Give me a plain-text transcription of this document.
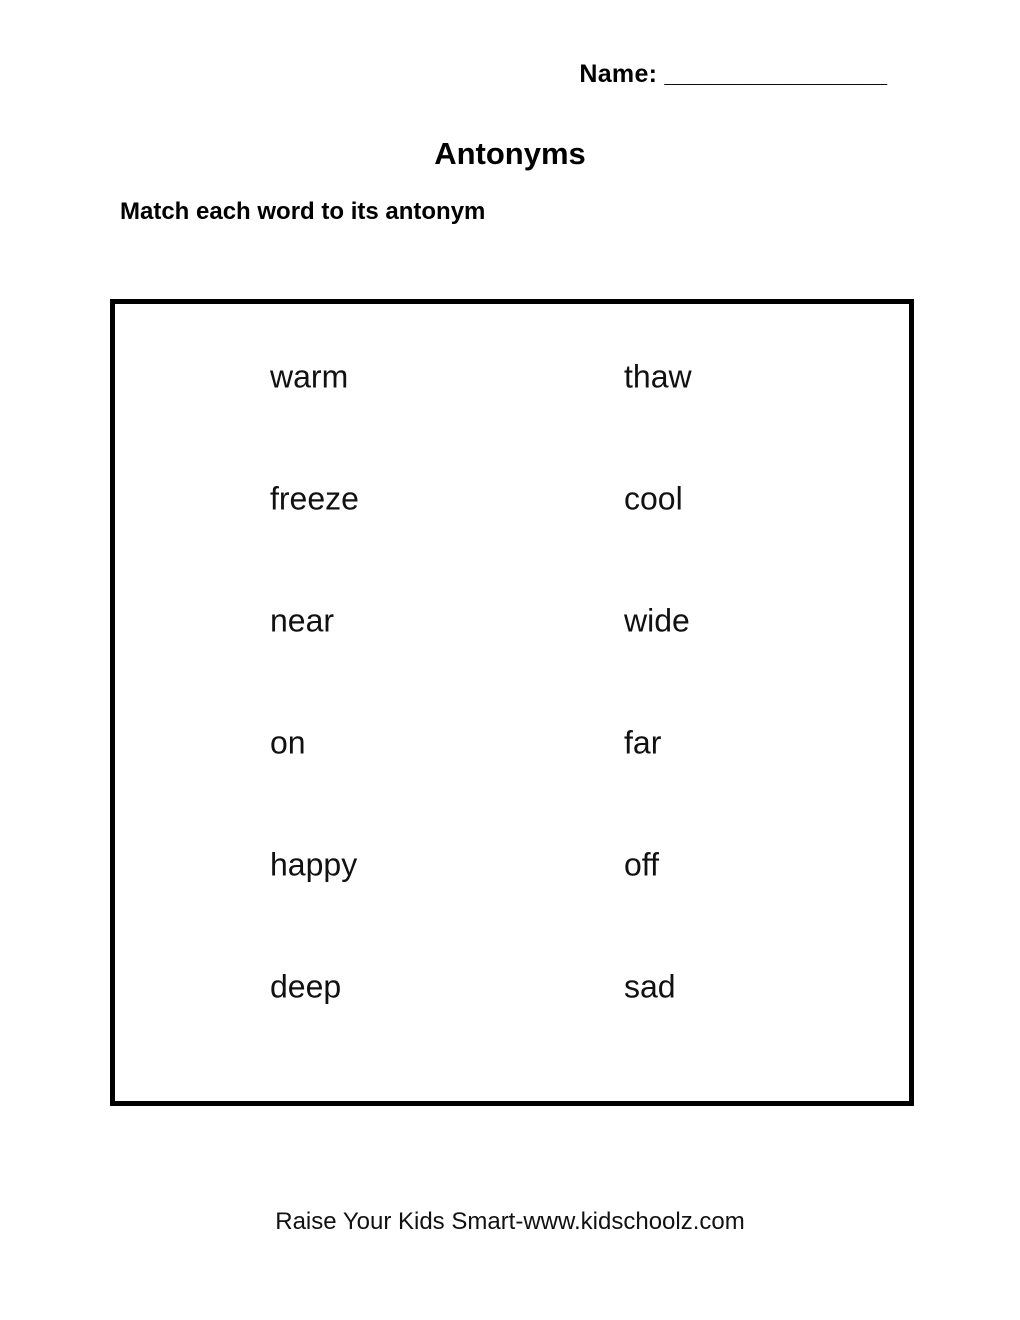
Name: ________________
Antonyms
Match each word to its antonym
warm	thaw
freeze	cool
near	wide
on	far
happy	off
deep	sad
Raise Your Kids Smart-www.kidschoolz.com
